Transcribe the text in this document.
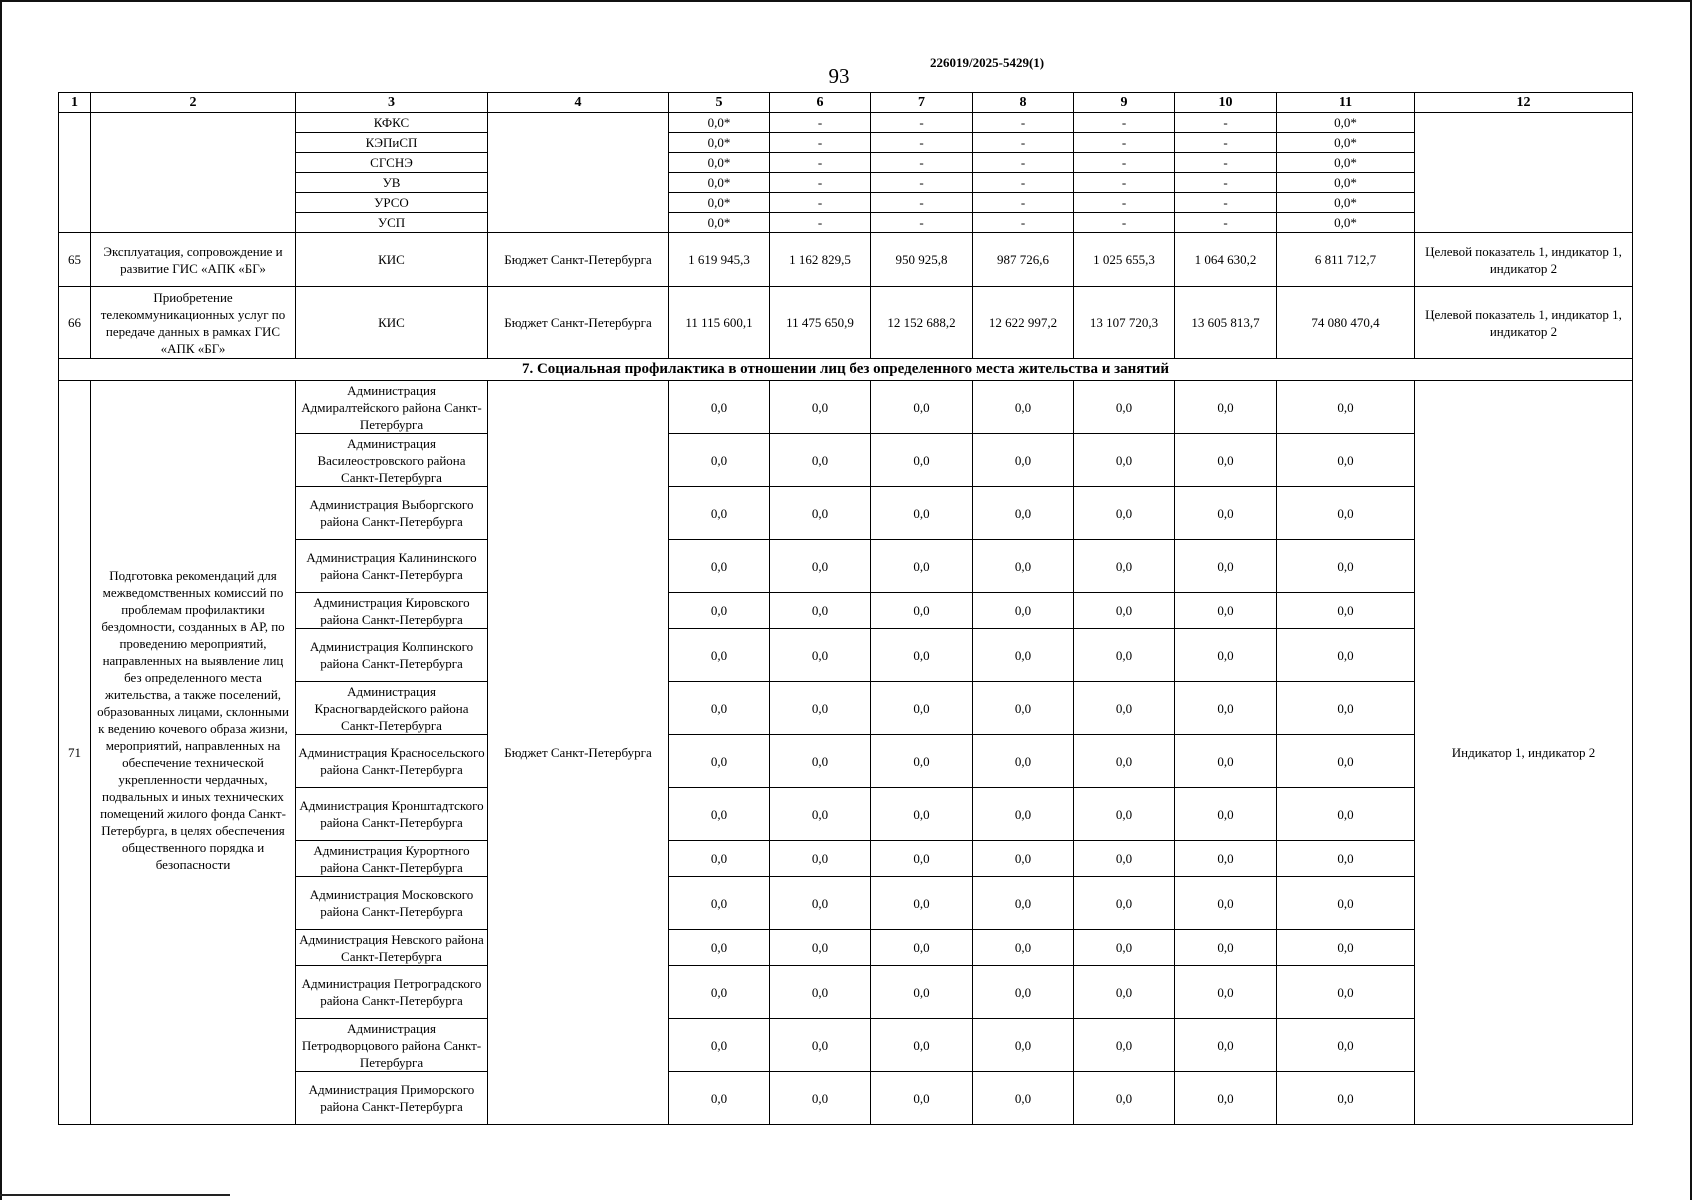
226019/2025-5429(1)
93
1	2	3	4	5	6	7	8	9	10	11	12
		КФКС		0,0*	-	-	-	-	-	0,0*	
		КЭПиСП		0,0*	-	-	-	-	-	0,0*	
		СГСНЭ		0,0*	-	-	-	-	-	0,0*	
		УВ		0,0*	-	-	-	-	-	0,0*	
		УРСО		0,0*	-	-	-	-	-	0,0*	
		УСП		0,0*	-	-	-	-	-	0,0*	
65	Эксплуатация, сопровождение и развитие ГИС «АПК «БГ»	КИС	Бюджет Санкт-Петербурга	1 619 945,3	1 162 829,5	950 925,8	987 726,6	1 025 655,3	1 064 630,2	6 811 712,7	Целевой показатель 1, индикатор 1, индикатор 2
66	Приобретение телекоммуникационных услуг по передаче данных в рамках ГИС «АПК «БГ»	КИС	Бюджет Санкт-Петербурга	11 115 600,1	11 475 650,9	12 152 688,2	12 622 997,2	13 107 720,3	13 605 813,7	74 080 470,4	Целевой показатель 1, индикатор 1, индикатор 2
7. Социальная профилактика в отношении лиц без определенного места жительства и занятий											
71	Подготовка рекомендаций для межведомственных комиссий по проблемам профилактики бездомности, созданных в АР, по проведению мероприятий, направленных на выявление лиц без определенного места жительства, а также поселений, образованных лицами, склонными к ведению кочевого образа жизни, мероприятий, направленных на обеспечение технической укрепленности чердачных, подвальных и иных технических помещений жилого фонда Санкт-Петербурга, в целях обеспечения общественного порядка и безопасности	Администрация Адмиралтейского района Санкт-Петербурга	Бюджет Санкт-Петербурга	0,0	0,0	0,0	0,0	0,0	0,0	0,0	Индикатор 1, индикатор 2
		Администрация Василеостровского района Санкт-Петербурга		0,0	0,0	0,0	0,0	0,0	0,0	0,0	
		Администрация Выборгского района Санкт-Петербурга		0,0	0,0	0,0	0,0	0,0	0,0	0,0	
		Администрация Калининского района Санкт-Петербурга		0,0	0,0	0,0	0,0	0,0	0,0	0,0	
		Администрация Кировского района Санкт-Петербурга		0,0	0,0	0,0	0,0	0,0	0,0	0,0	
		Администрация Колпинского района Санкт-Петербурга		0,0	0,0	0,0	0,0	0,0	0,0	0,0	
		Администрация Красногвардейского района Санкт-Петербурга		0,0	0,0	0,0	0,0	0,0	0,0	0,0	
		Администрация Красносельского района Санкт-Петербурга		0,0	0,0	0,0	0,0	0,0	0,0	0,0	
		Администрация Кронштадтского района Санкт-Петербурга		0,0	0,0	0,0	0,0	0,0	0,0	0,0	
		Администрация Курортного района Санкт-Петербурга		0,0	0,0	0,0	0,0	0,0	0,0	0,0	
		Администрация Московского района Санкт-Петербурга		0,0	0,0	0,0	0,0	0,0	0,0	0,0	
		Администрация Невского района Санкт-Петербурга		0,0	0,0	0,0	0,0	0,0	0,0	0,0	
		Администрация Петроградского района Санкт-Петербурга		0,0	0,0	0,0	0,0	0,0	0,0	0,0	
		Администрация Петродворцового района Санкт-Петербурга		0,0	0,0	0,0	0,0	0,0	0,0	0,0	
		Администрация Приморского района Санкт-Петербурга		0,0	0,0	0,0	0,0	0,0	0,0	0,0	
